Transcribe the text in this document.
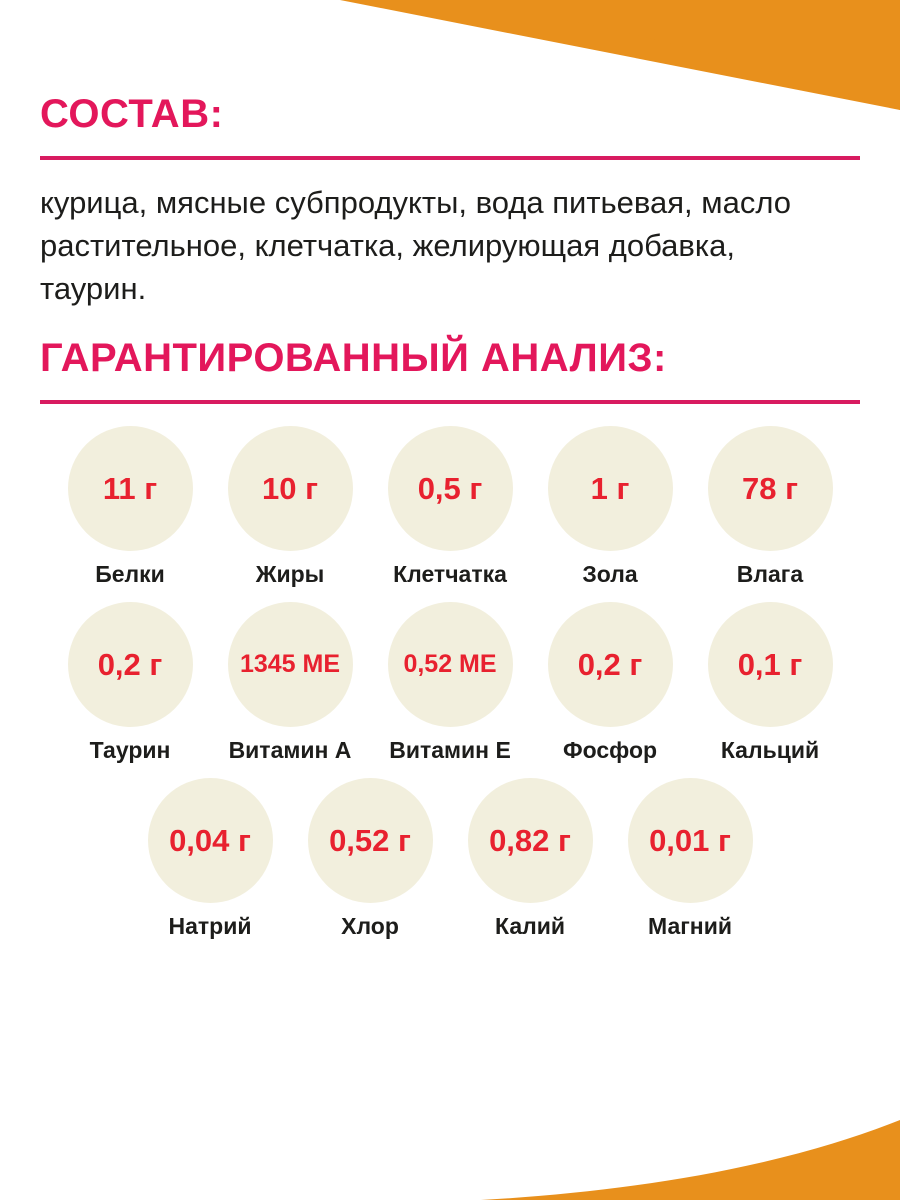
СОСТАВ:

курица, мясные субпродукты, вода питьевая, масло растительное, клетчатка, желирующая добавка, таурин.

ГАРАНТИРОВАННЫЙ АНАЛИЗ:
11 г
Белки
10 г
Жиры
0,5 г
Клетчатка
1 г
Зола
78 г
Влага
0,2 г
Таурин
1345 МЕ
Витамин А
0,52 МЕ
Витамин Е
0,2 г
Фосфор
0,1 г
Кальций
0,04 г
Натрий
0,52 г
Хлор
0,82 г
Калий
0,01 г
Магний
